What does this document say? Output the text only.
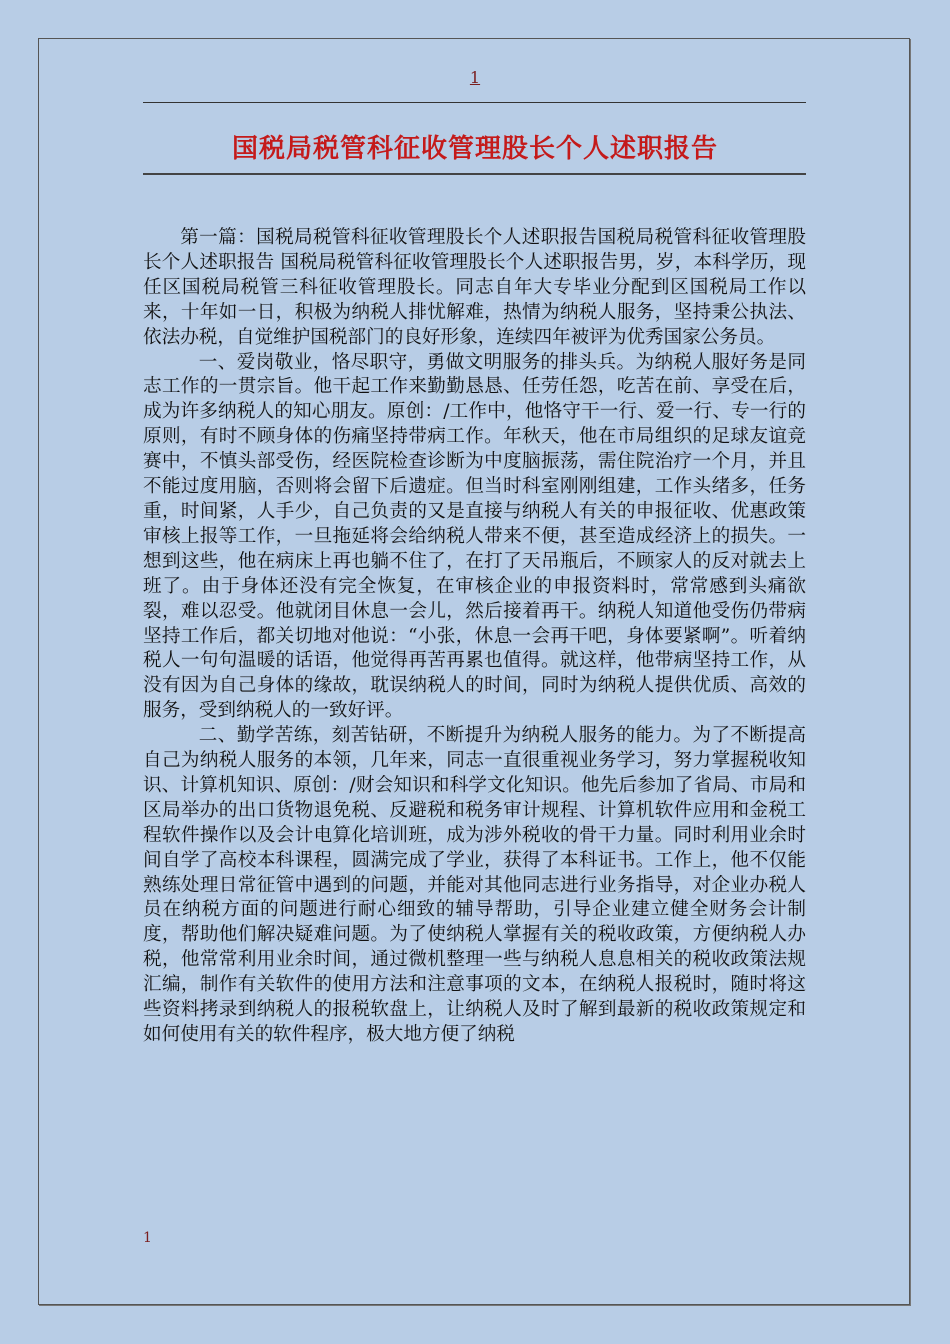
1
国税局税管科征收管理股长个人述职报告

第一篇：国税局税管科征收管理股长个人述职报告国税局税管科征收管理股长个人述职报告 国税局税管科征收管理股长个人述职报告男，岁，本科学历，现任区国税局税管三科征收管理股长。同志自年大专毕业分配到区国税局工作以来，十年如一日，积极为纳税人排忧解难，热情为纳税人服务，坚持秉公执法、依法办税，自觉维护国税部门的良好形象，连续四年被评为优秀国家公务员。

一、爱岗敬业，恪尽职守，勇做文明服务的排头兵。为纳税人服好务是同志工作的一贯宗旨。他干起工作来勤勤恳恳、任劳任怨，吃苦在前、享受在后，成为许多纳税人的知心朋友。原创：/工作中，他恪守干一行、爱一行、专一行的原则，有时不顾身体的伤痛坚持带病工作。年秋天，他在市局组织的足球友谊竞赛中，不慎头部受伤，经医院检查诊断为中度脑振荡，需住院治疗一个月，并且不能过度用脑，否则将会留下后遗症。但当时科室刚刚组建，工作头绪多，任务重，时间紧，人手少，自己负责的又是直接与纳税人有关的申报征收、优惠政策审核上报等工作，一旦拖延将会给纳税人带来不便，甚至造成经济上的损失。一想到这些，他在病床上再也躺不住了，在打了天吊瓶后，不顾家人的反对就去上班了。由于身体还没有完全恢复，在审核企业的申报资料时，常常感到头痛欲裂，难以忍受。他就闭目休息一会儿，然后接着再干。纳税人知道他受伤仍带病坚持工作后，都关切地对他说：“小张，休息一会再干吧，身体要紧啊”。听着纳税人一句句温暖的话语，他觉得再苦再累也值得。就这样，他带病坚持工作，从没有因为自己身体的缘故，耽误纳税人的时间，同时为纳税人提供优质、高效的服务，受到纳税人的一致好评。

二、勤学苦练，刻苦钻研，不断提升为纳税人服务的能力。为了不断提高自己为纳税人服务的本领，几年来，同志一直很重视业务学习，努力掌握税收知识、计算机知识、原创：/财会知识和科学文化知识。他先后参加了省局、市局和区局举办的出口货物退免税、反避税和税务审计规程、计算机软件应用和金税工程软件操作以及会计电算化培训班，成为涉外税收的骨干力量。同时利用业余时间自学了高校本科课程，圆满完成了学业，获得了本科证书。工作上，他不仅能熟练处理日常征管中遇到的问题，并能对其他同志进行业务指导，对企业办税人员在纳税方面的问题进行耐心细致的辅导帮助，引导企业建立健全财务会计制度，帮助他们解决疑难问题。为了使纳税人掌握有关的税收政策，方便纳税人办税，他常常利用业余时间，通过微机整理一些与纳税人息息相关的税收政策法规汇编，制作有关软件的使用方法和注意事项的文本，在纳税人报税时，随时将这些资料拷录到纳税人的报税软盘上，让纳税人及时了解到最新的税收政策规定和如何使用有关的软件程序，极大地方便了纳税

1
